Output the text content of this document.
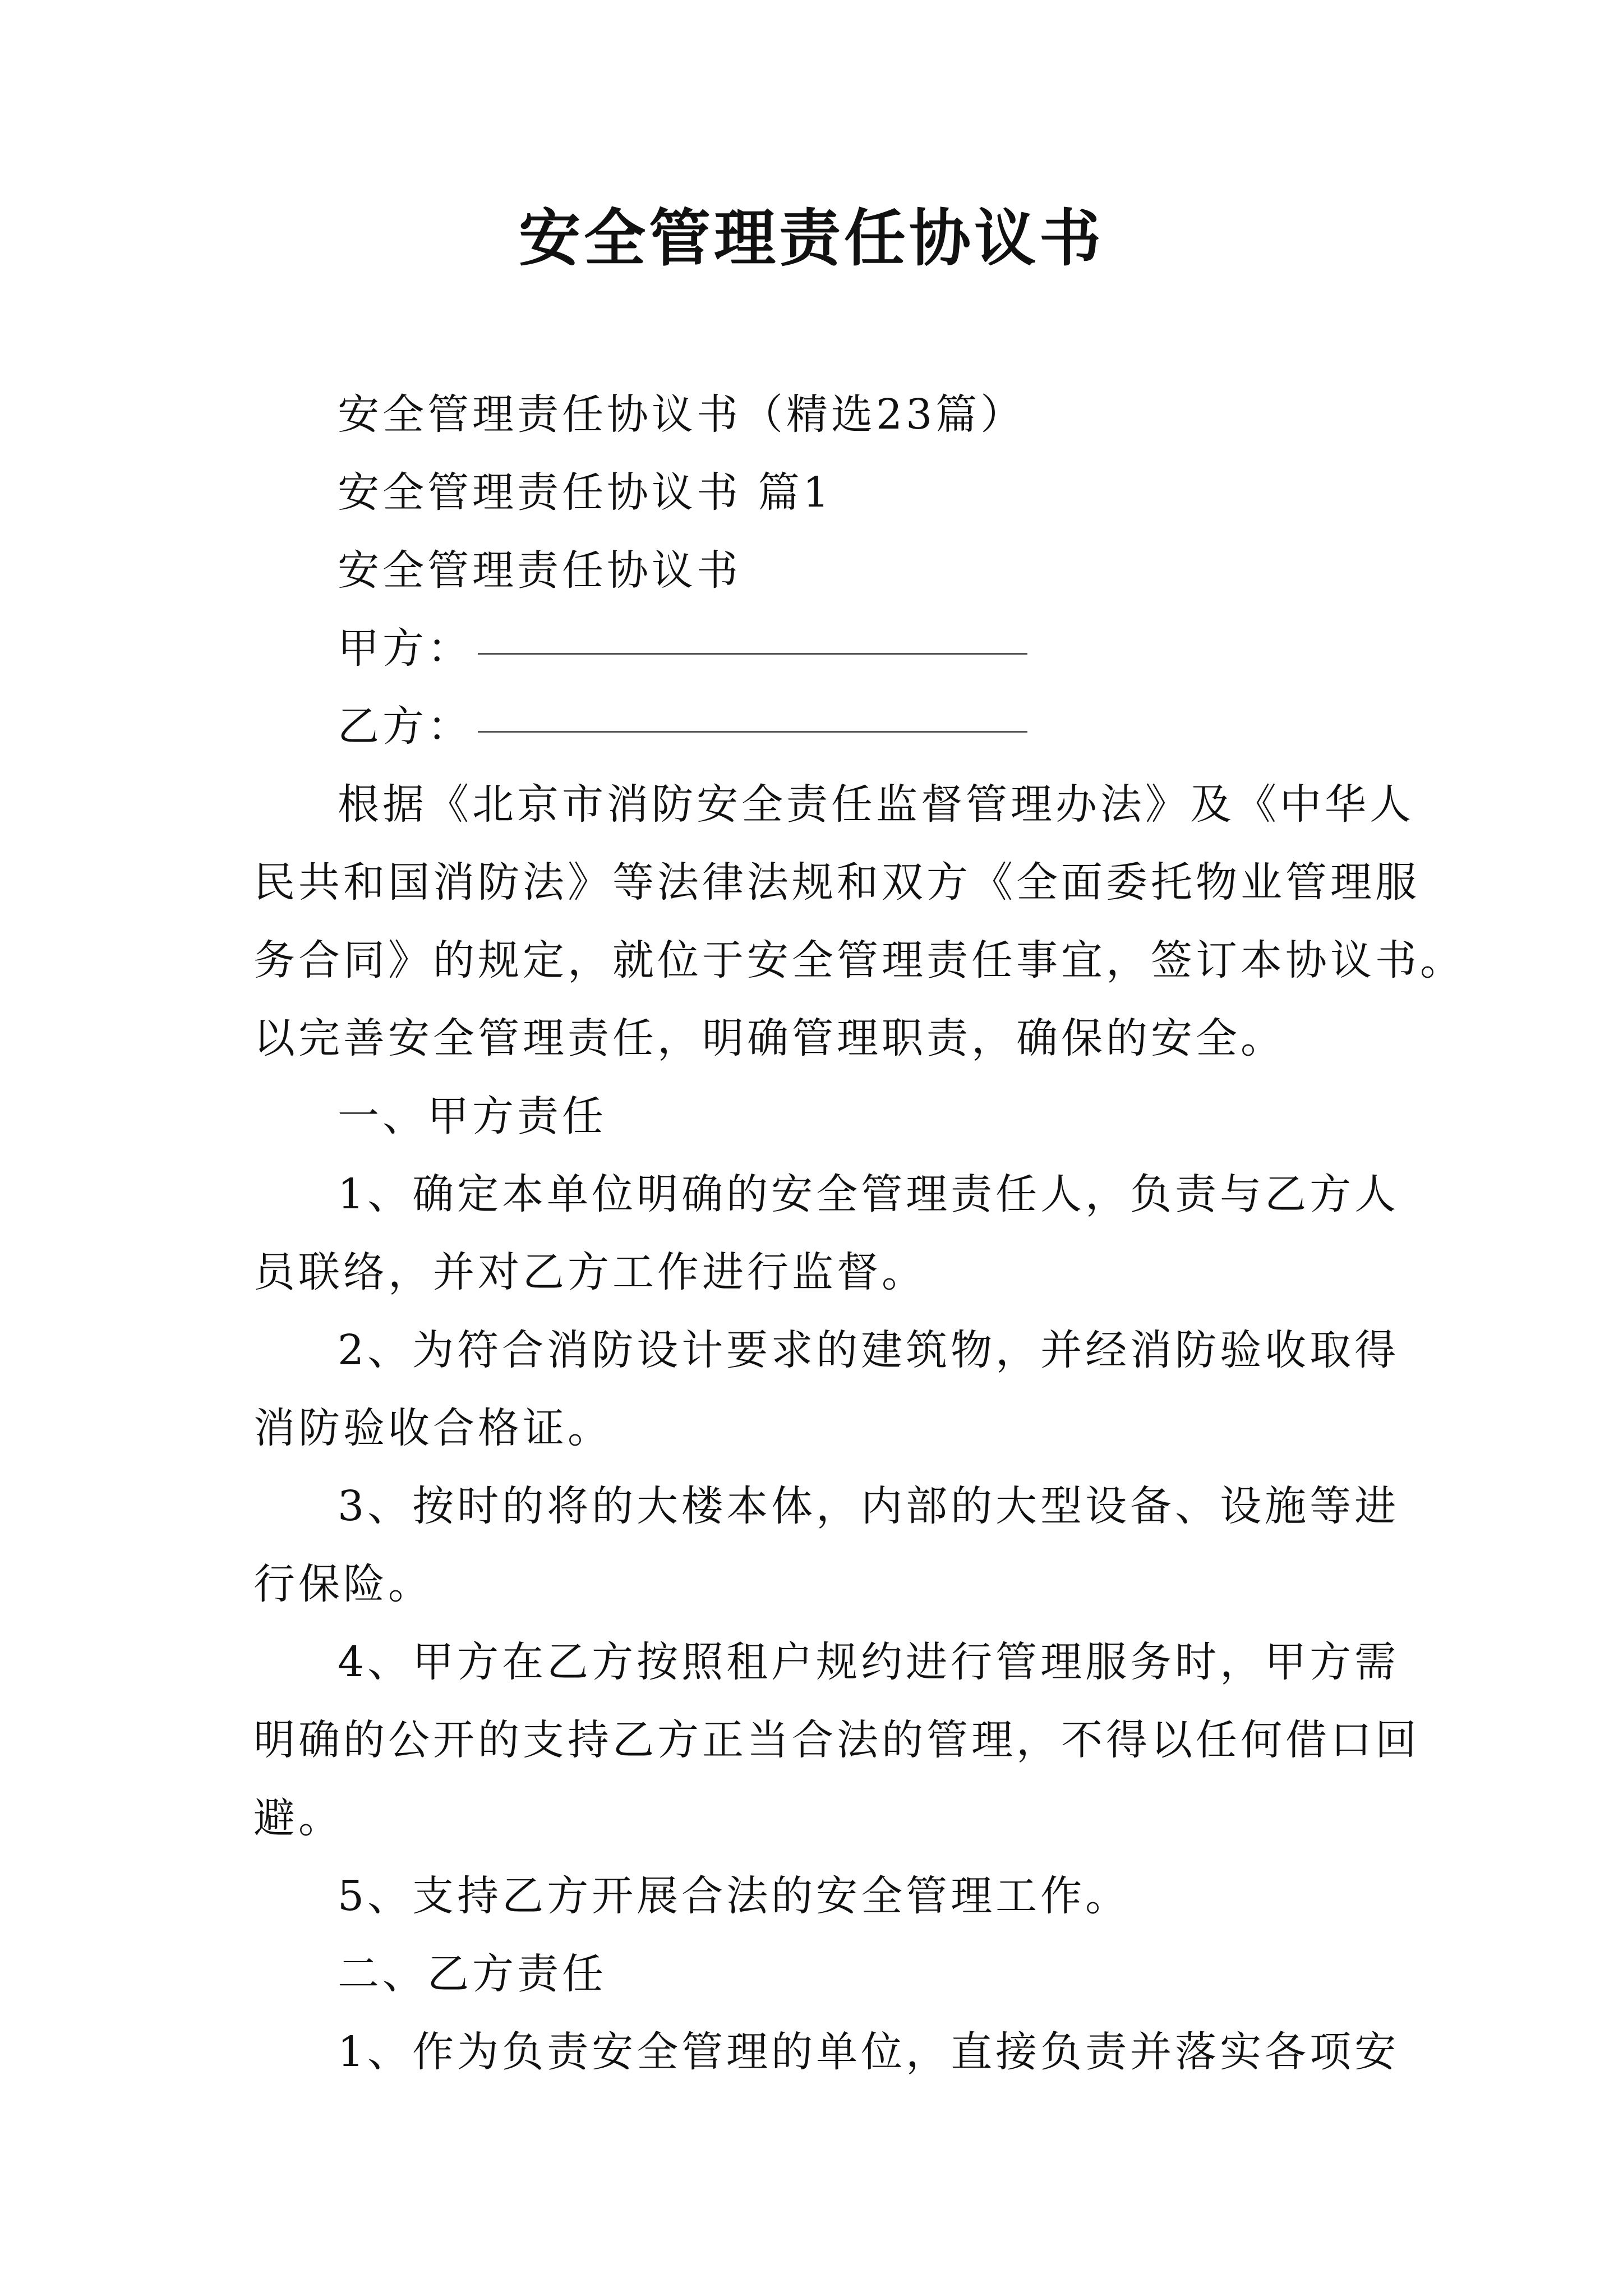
安全管理责任协议书
安全管理责任协议书（精选23篇）
安全管理责任协议书 篇1
安全管理责任协议书
甲方：
乙方：
根据《北京市消防安全责任监督管理办法》及《中华人
民共和国消防法》等法律法规和双方《全面委托物业管理服
务合同》的规定，就位于安全管理责任事宜，签订本协议书。
以完善安全管理责任，明确管理职责，确保的安全。
一、甲方责任
1、确定本单位明确的安全管理责任人，负责与乙方人
员联络，并对乙方工作进行监督。
2、为符合消防设计要求的建筑物，并经消防验收取得
消防验收合格证。
3、按时的将的大楼本体，内部的大型设备、设施等进
行保险。
4、甲方在乙方按照租户规约进行管理服务时，甲方需
明确的公开的支持乙方正当合法的管理，不得以任何借口回
避。
5、支持乙方开展合法的安全管理工作。
二、乙方责任
1、作为负责安全管理的单位，直接负责并落实各项安
